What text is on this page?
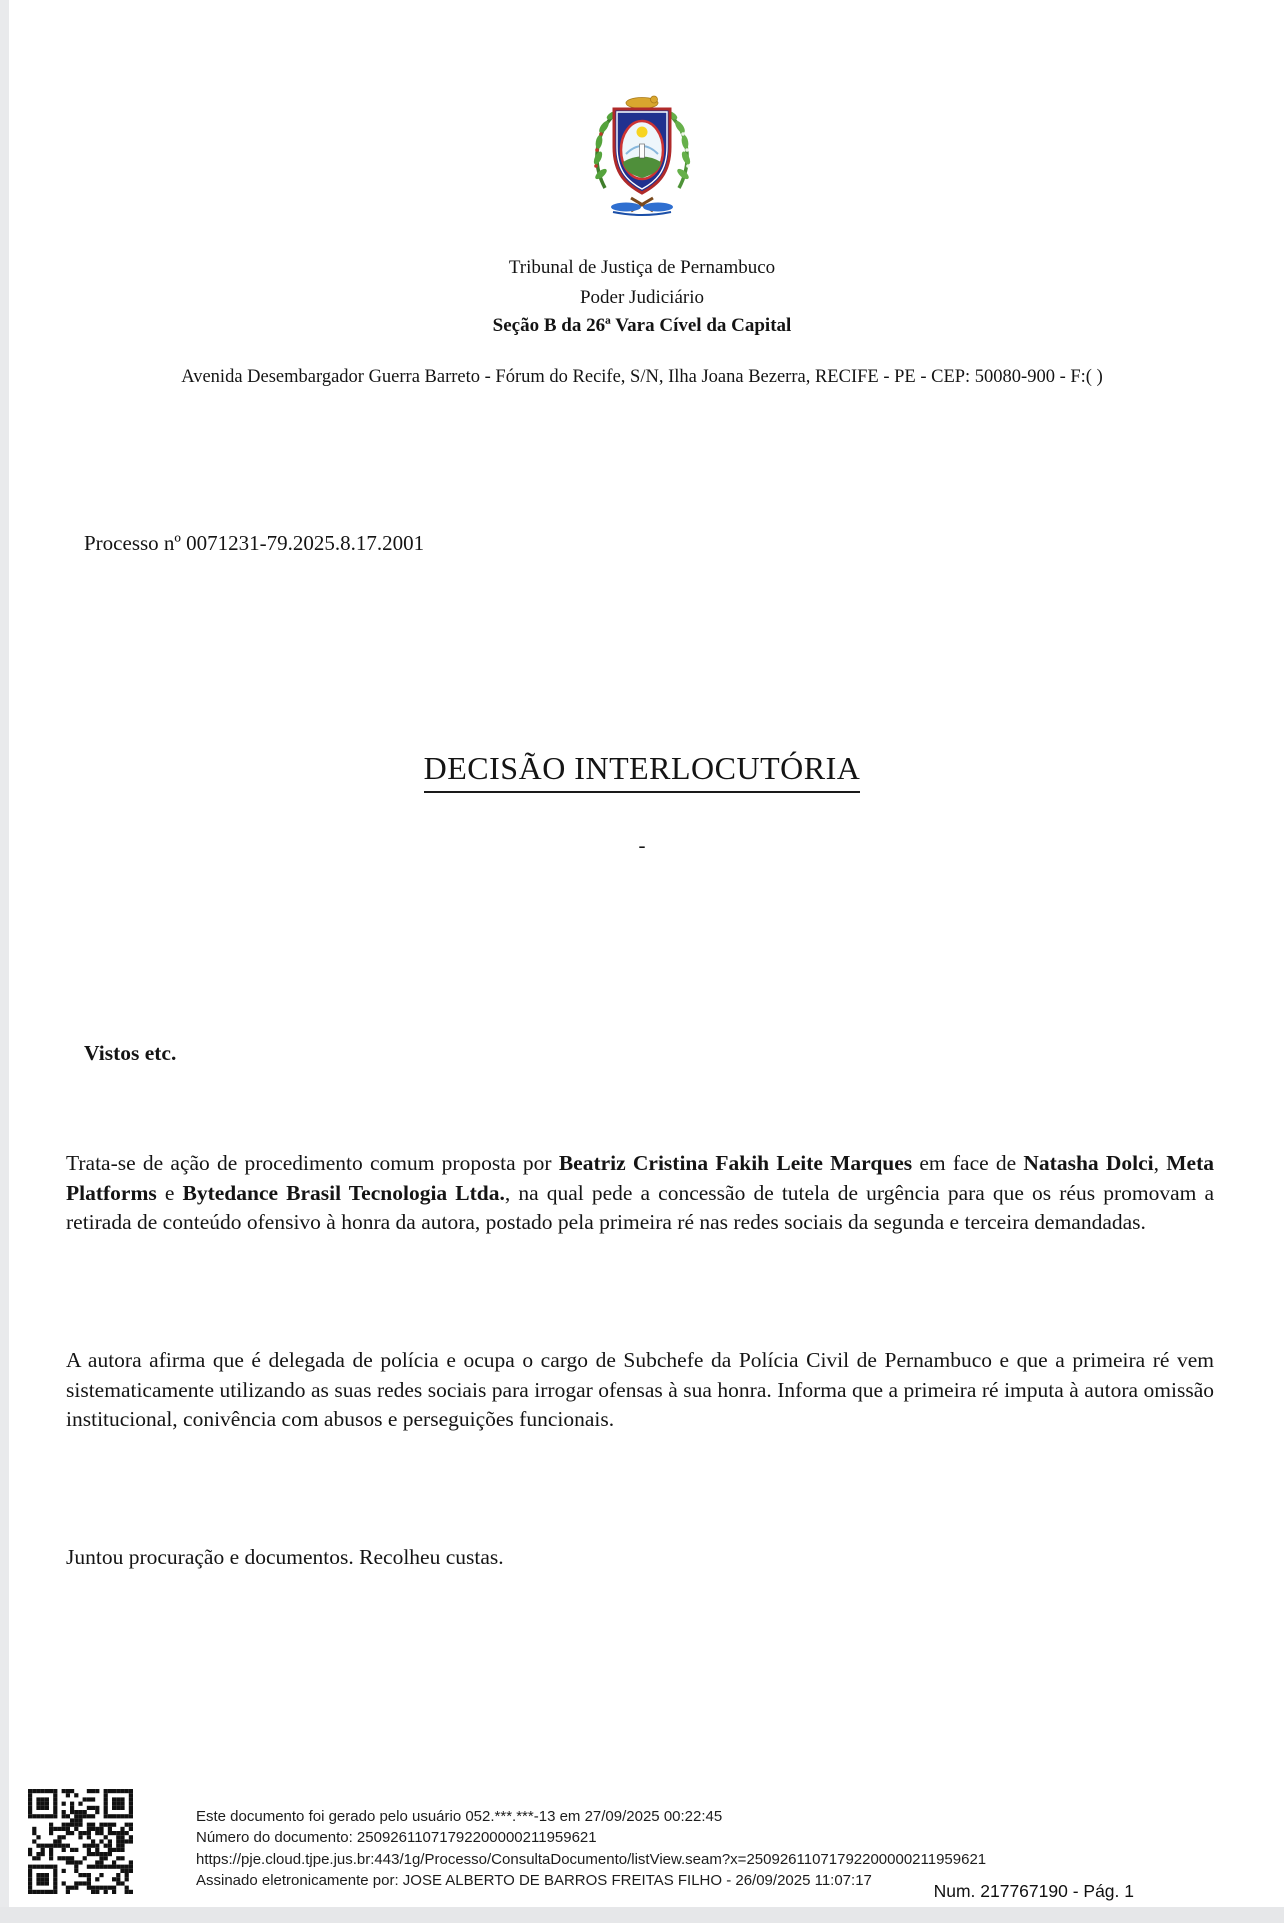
Tribunal de Justiça de Pernambuco
Poder Judiciário
Seção B da 26ª Vara Cível da Capital
Avenida Desembargador Guerra Barreto - Fórum do Recife, S/N, Ilha Joana Bezerra, RECIFE - PE - CEP: 50080-900 - F:( )
Processo nº 0071231-79.2025.8.17.2001
DECISÃO INTERLOCUTÓRIA
-
Vistos etc.
Trata-se de ação de procedimento comum proposta por Beatriz Cristina Fakih Leite Marques em face de Natasha Dolci, Meta Platforms e Bytedance Brasil Tecnologia Ltda., na qual pede a concessão de tutela de urgência para que os réus promovam a retirada de conteúdo ofensivo à honra da autora, postado pela primeira ré nas redes sociais da segunda e terceira demandadas.
A autora afirma que é delegada de polícia e ocupa o cargo de Subchefe da Polícia Civil de Pernambuco e que a primeira ré vem sistematicamente utilizando as suas redes sociais para irrogar ofensas à sua honra. Informa que a primeira ré imputa à autora omissão institucional, conivência com abusos e perseguições funcionais.
Juntou procuração e documentos. Recolheu custas.
Este documento foi gerado pelo usuário 052.***.***-13 em 27/09/2025 00:22:45
Número do documento: 25092611071792200000211959621
https://pje.cloud.tjpe.jus.br:443/1g/Processo/ConsultaDocumento/listView.seam?x=25092611071792200000211959621
Assinado eletronicamente por: JOSE ALBERTO DE BARROS FREITAS FILHO - 26/09/2025 11:07:17
Num. 217767190 - Pág. 1
